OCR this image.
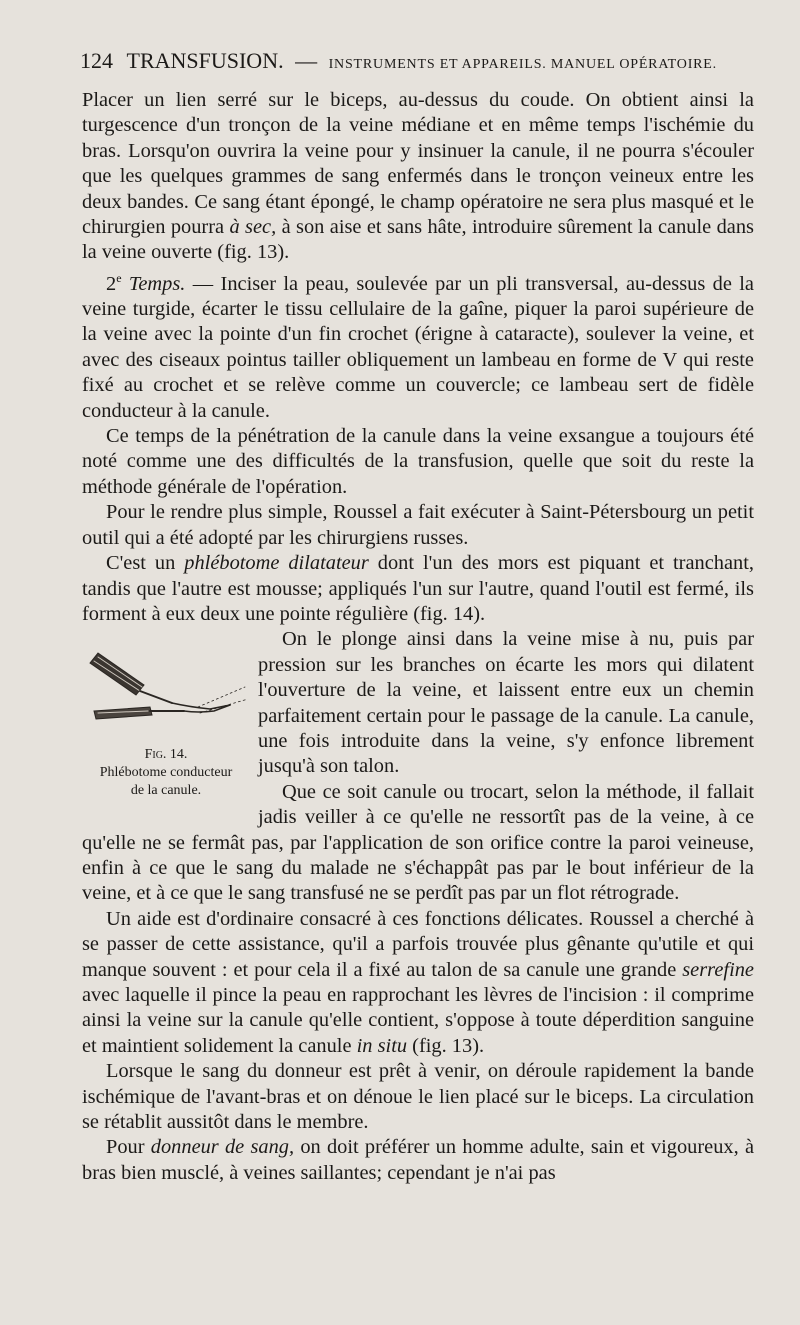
124 TRANSFUSION. — INSTRUMENTS ET APPAREILS. MANUEL OPÉRATOIRE.

Placer un lien serré sur le biceps, au-dessus du coude. On obtient ainsi la turgescence d'un tronçon de la veine médiane et en même temps l'ischémie du bras. Lorsqu'on ouvrira la veine pour y insinuer la canule, il ne pourra s'écouler que les quelques grammes de sang enfermés dans le tronçon veineux entre les deux bandes. Ce sang étant épongé, le champ opératoire ne sera plus masqué et le chirurgien pourra à sec, à son aise et sans hâte, introduire sûrement la canule dans la veine ouverte (fig. 13).

2e Temps. — Inciser la peau, soulevée par un pli transversal, au-dessus de la veine turgide, écarter le tissu cellulaire de la gaîne, piquer la paroi supérieure de la veine avec la pointe d'un fin crochet (érigne à cataracte), soulever la veine, et avec des ciseaux pointus tailler obliquement un lambeau en forme de V qui reste fixé au crochet et se relève comme un couvercle; ce lambeau sert de fidèle conducteur à la canule.

Ce temps de la pénétration de la canule dans la veine exsangue a toujours été noté comme une des difficultés de la transfusion, quelle que soit du reste la méthode générale de l'opération.

Pour le rendre plus simple, Roussel a fait exécuter à Saint-Pétersbourg un petit outil qui a été adopté par les chirurgiens russes.

C'est un phlébotome dilatateur dont l'un des mors est piquant et tranchant, tandis que l'autre est mousse; appliqués l'un sur l'autre, quand l'outil est fermé, ils forment à eux deux une pointe régulière (fig. 14).

Fig. 14.
Phlébotome conducteur
de la canule.

On le plonge ainsi dans la veine mise à nu, puis par pression sur les branches on écarte les mors qui dilatent l'ouverture de la veine, et laissent entre eux un chemin parfaitement certain pour le passage de la canule. La canule, une fois introduite dans la veine, s'y enfonce librement jusqu'à son talon.

Que ce soit canule ou trocart, selon la méthode, il fallait jadis veiller à ce qu'elle ne ressortît pas de la veine, à ce qu'elle ne se fermât pas, par l'application de son orifice contre la paroi veineuse, enfin à ce que le sang du malade ne s'échappât pas par le bout inférieur de la veine, et à ce que le sang transfusé ne se perdît pas par un flot rétrograde.

Un aide est d'ordinaire consacré à ces fonctions délicates. Roussel a cherché à se passer de cette assistance, qu'il a parfois trouvée plus gênante qu'utile et qui manque souvent : et pour cela il a fixé au talon de sa canule une grande serrefine avec laquelle il pince la peau en rapprochant les lèvres de l'incision : il comprime ainsi la veine sur la canule qu'elle contient, s'oppose à toute déperdition sanguine et maintient solidement la canule in situ (fig. 13).

Lorsque le sang du donneur est prêt à venir, on déroule rapidement la bande ischémique de l'avant-bras et on dénoue le lien placé sur le biceps. La circulation se rétablit aussitôt dans le membre.

Pour donneur de sang, on doit préférer un homme adulte, sain et vigoureux, à bras bien musclé, à veines saillantes; cependant je n'ai pas
